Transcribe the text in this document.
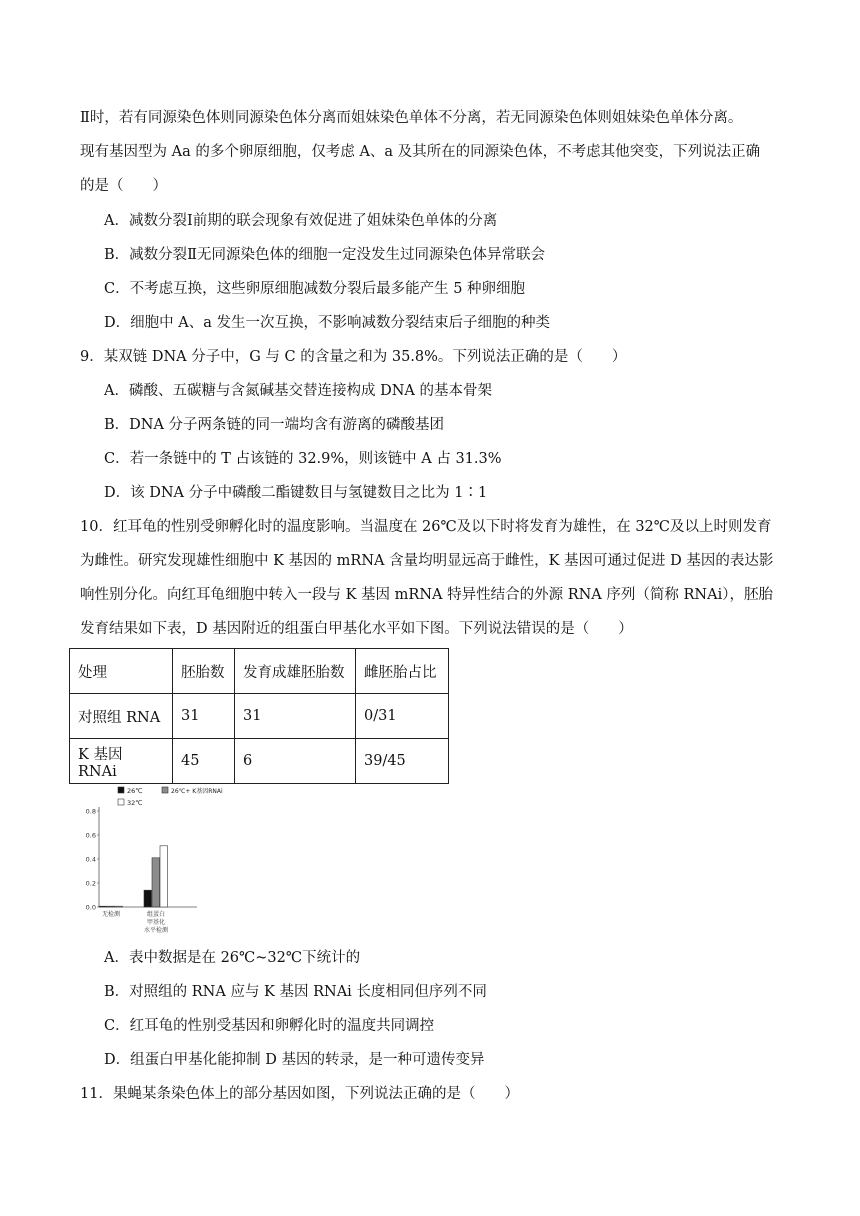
Ⅱ时，若有同源染色体则同源染色体分离而姐妹染色单体不分离，若无同源染色体则姐妹染色单体分离。
现有基因型为 Aa 的多个卵原细胞，仅考虑 A、a 及其所在的同源染色体，不考虑其他突变，下列说法正确
的是（　　）
A．减数分裂Ⅰ前期的联会现象有效促进了姐妹染色单体的分离
B．减数分裂Ⅱ无同源染色体的细胞一定没发生过同源染色体异常联会
C．不考虑互换，这些卵原细胞减数分裂后最多能产生 5 种卵细胞
D．细胞中 A、a 发生一次互换，不影响减数分裂结束后子细胞的种类
9．某双链 DNA 分子中，G 与 C 的含量之和为 35.8%。下列说法正确的是（　　）
A．磷酸、五碳糖与含氮碱基交替连接构成 DNA 的基本骨架
B．DNA 分子两条链的同一端均含有游离的磷酸基团
C．若一条链中的 T 占该链的 32.9%，则该链中 A 占 31.3%
D．该 DNA 分子中磷酸二酯键数目与氢键数目之比为 1∶1
10．红耳龟的性别受卵孵化时的温度影响。当温度在 26℃及以下时将发育为雄性，在 32℃及以上时则发育
为雌性。研究发现雄性细胞中 K 基因的 mRNA 含量均明显远高于雌性，K 基因可通过促进 D 基因的表达影
响性别分化。向红耳龟细胞中转入一段与 K 基因 mRNA 特异性结合的外源 RNA 序列（简称 RNAi），胚胎
发育结果如下表，D 基因附近的组蛋白甲基化水平如下图。下列说法错误的是（　　）
处理	胚胎数	发育成雄胚胎数	雌胚胎占比
对照组 RNA	31	31	0/31
K 基因 RNAi	45	6	39/45
26℃	26℃+ K基因RNAi
32℃
0.0
0.2
0.4
0.6
0.8
无检测	组蛋白
甲基化
水平检测
A．表中数据是在 26℃~32℃下统计的
B．对照组的 RNA 应与 K 基因 RNAi 长度相同但序列不同
C．红耳龟的性别受基因和卵孵化时的温度共同调控
D．组蛋白甲基化能抑制 D 基因的转录，是一种可遗传变异
11．果蝇某条染色体上的部分基因如图，下列说法正确的是（　　）
